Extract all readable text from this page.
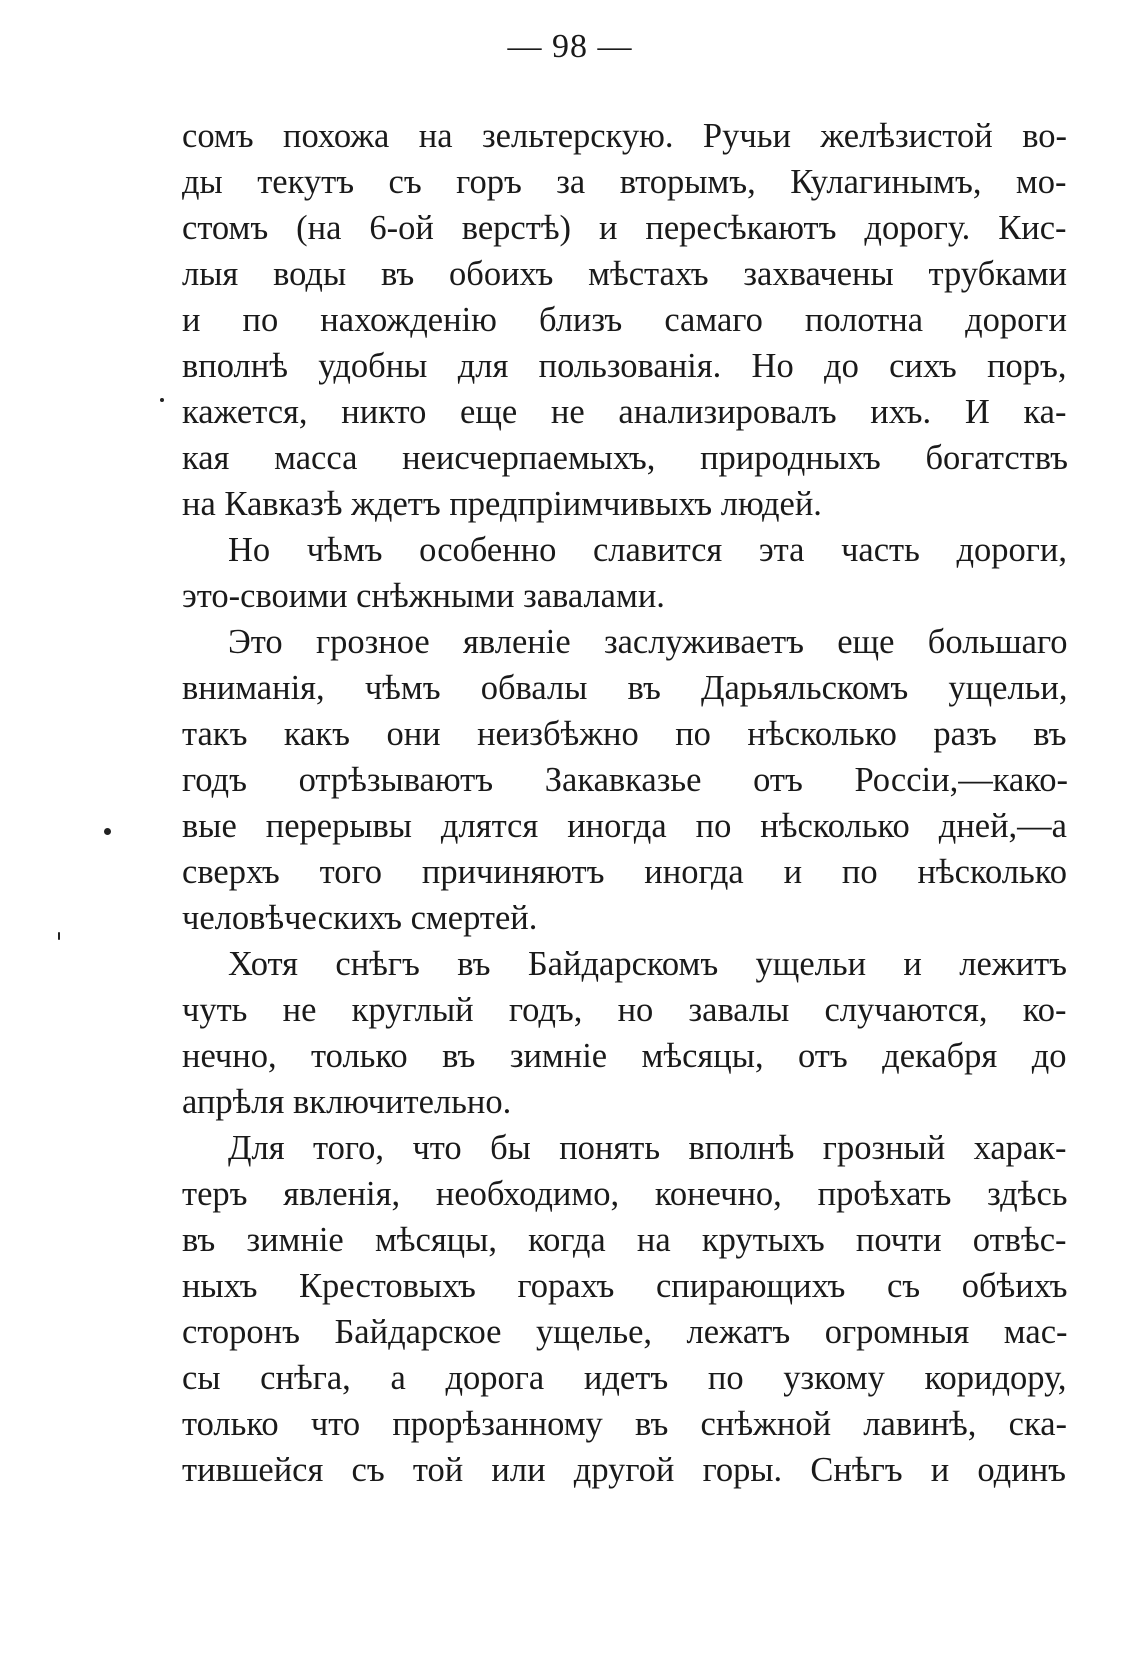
— 98 —
сомъ похожа на зельтерскую. Ручьи желѣзистой во-
ды текутъ съ горъ за вторымъ, Кулагинымъ, мо-
стомъ (на 6-ой верстѣ) и пересѣкаютъ дорогу. Кис-
лыя воды въ обоихъ мѣстахъ захвачены трубками
и по нахожденію близъ самаго полотна дороги
вполнѣ удобны для пользованія. Но до сихъ поръ,
кажется, никто еще не анализировалъ ихъ. И ка-
кая масса неисчерпаемыхъ, природныхъ богатствъ
на Кавказѣ ждетъ предпріимчивыхъ людей.
Но чѣмъ особенно славится эта часть дороги,
это-своими снѣжными завалами.
Это грозное явленіе заслуживаетъ еще большаго
вниманія, чѣмъ обвалы въ Дарьяльскомъ ущельи,
такъ какъ они неизбѣжно по нѣсколько разъ въ
годъ отрѣзываютъ Закавказье отъ Россіи,—како-
вые перерывы длятся иногда по нѣсколько дней,—а
сверхъ того причиняютъ иногда и по нѣсколько
человѣческихъ смертей.
Хотя снѣгъ въ Байдарскомъ ущельи и лежитъ
чуть не круглый годъ, но завалы случаются, ко-
нечно, только въ зимніе мѣсяцы, отъ декабря до
апрѣля включительно.
Для того, что бы понять вполнѣ грозный харак-
теръ явленія, необходимо, конечно, проѣхать здѣсь
въ зимніе мѣсяцы, когда на крутыхъ почти отвѣс-
ныхъ Крестовыхъ горахъ спирающихъ съ обѣихъ
сторонъ Байдарское ущелье, лежатъ огромныя мас-
сы снѣга, а дорога идетъ по узкому коридору,
только что прорѣзанному въ снѣжной лавинѣ, ска-
тившейся съ той или другой горы. Снѣгъ и одинъ
